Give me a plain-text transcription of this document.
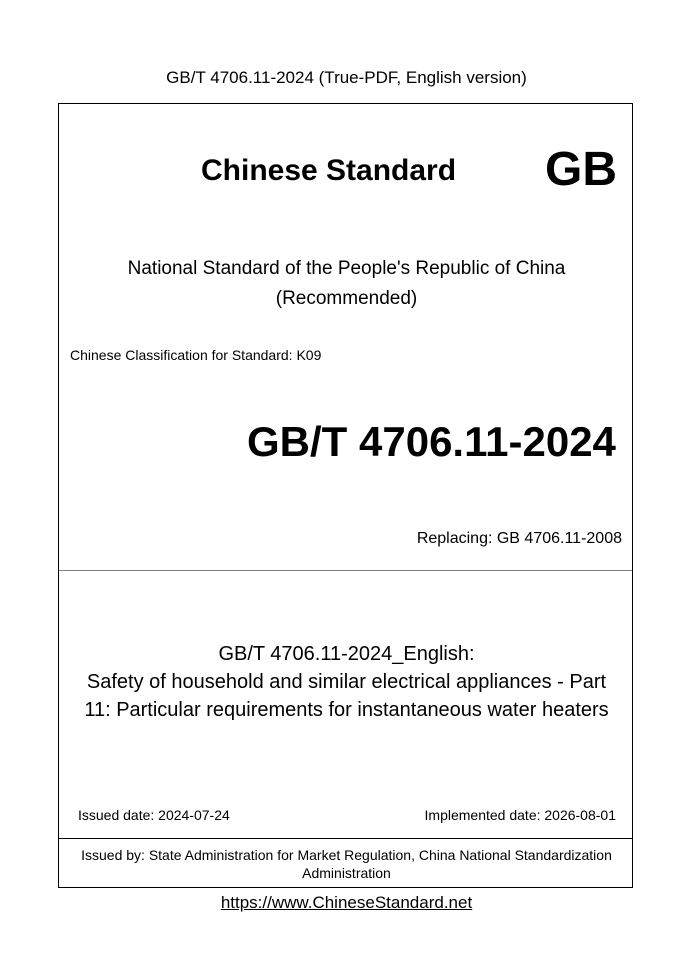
GB/T 4706.11-2024 (True-PDF, English version)
Chinese Standard GB
National Standard of the People's Republic of China
(Recommended)
Chinese Classification for Standard: K09
GB/T 4706.11-2024
Replacing: GB 4706.11-2008
GB/T 4706.11-2024_English:
Safety of household and similar electrical appliances - Part
11: Particular requirements for instantaneous water heaters
Issued date: 2024-07-24	Implemented date: 2026-08-01
Issued by: State Administration for Market Regulation, China National Standardization
Administration
https://www.ChineseStandard.net
